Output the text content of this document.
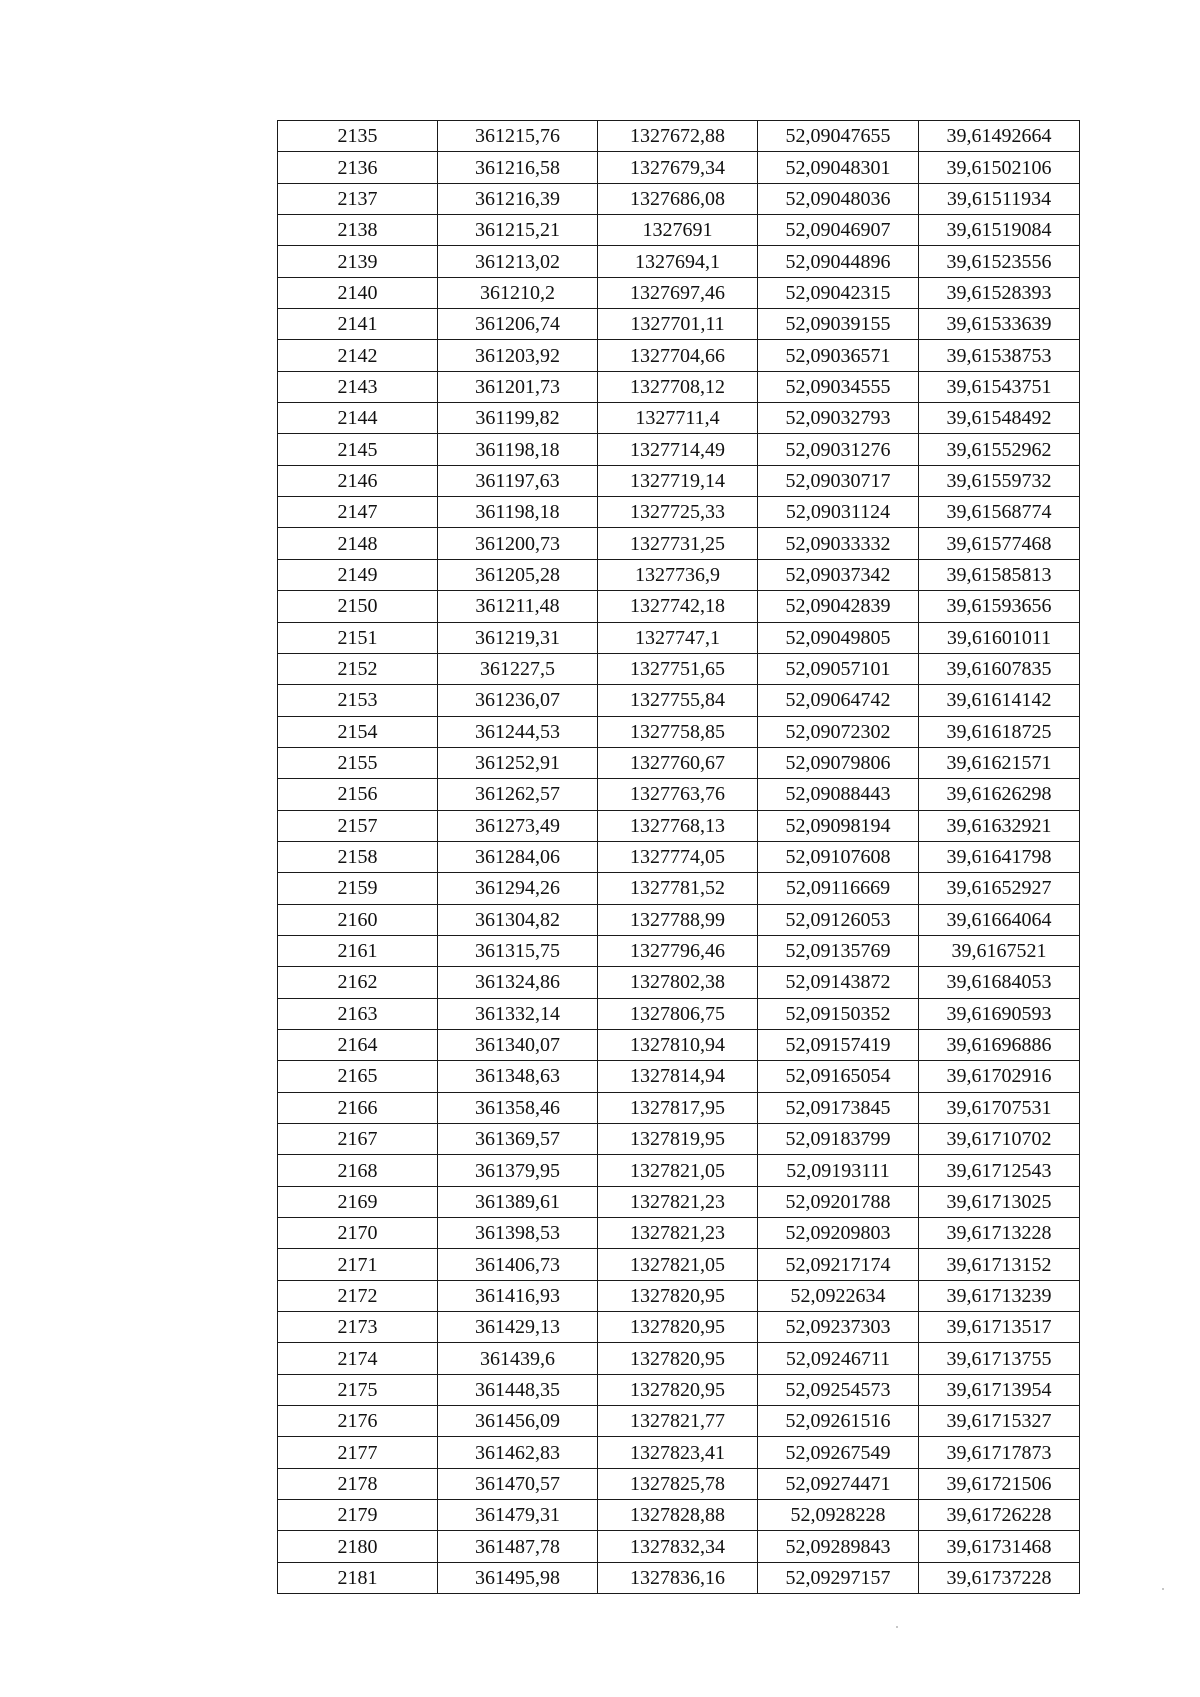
2135	361215,76	1327672,88	52,09047655	39,61492664
2136	361216,58	1327679,34	52,09048301	39,61502106
2137	361216,39	1327686,08	52,09048036	39,61511934
2138	361215,21	1327691	52,09046907	39,61519084
2139	361213,02	1327694,1	52,09044896	39,61523556
2140	361210,2	1327697,46	52,09042315	39,61528393
2141	361206,74	1327701,11	52,09039155	39,61533639
2142	361203,92	1327704,66	52,09036571	39,61538753
2143	361201,73	1327708,12	52,09034555	39,61543751
2144	361199,82	1327711,4	52,09032793	39,61548492
2145	361198,18	1327714,49	52,09031276	39,61552962
2146	361197,63	1327719,14	52,09030717	39,61559732
2147	361198,18	1327725,33	52,09031124	39,61568774
2148	361200,73	1327731,25	52,09033332	39,61577468
2149	361205,28	1327736,9	52,09037342	39,61585813
2150	361211,48	1327742,18	52,09042839	39,61593656
2151	361219,31	1327747,1	52,09049805	39,61601011
2152	361227,5	1327751,65	52,09057101	39,61607835
2153	361236,07	1327755,84	52,09064742	39,61614142
2154	361244,53	1327758,85	52,09072302	39,61618725
2155	361252,91	1327760,67	52,09079806	39,61621571
2156	361262,57	1327763,76	52,09088443	39,61626298
2157	361273,49	1327768,13	52,09098194	39,61632921
2158	361284,06	1327774,05	52,09107608	39,61641798
2159	361294,26	1327781,52	52,09116669	39,61652927
2160	361304,82	1327788,99	52,09126053	39,61664064
2161	361315,75	1327796,46	52,09135769	39,6167521
2162	361324,86	1327802,38	52,09143872	39,61684053
2163	361332,14	1327806,75	52,09150352	39,61690593
2164	361340,07	1327810,94	52,09157419	39,61696886
2165	361348,63	1327814,94	52,09165054	39,61702916
2166	361358,46	1327817,95	52,09173845	39,61707531
2167	361369,57	1327819,95	52,09183799	39,61710702
2168	361379,95	1327821,05	52,09193111	39,61712543
2169	361389,61	1327821,23	52,09201788	39,61713025
2170	361398,53	1327821,23	52,09209803	39,61713228
2171	361406,73	1327821,05	52,09217174	39,61713152
2172	361416,93	1327820,95	52,0922634	39,61713239
2173	361429,13	1327820,95	52,09237303	39,61713517
2174	361439,6	1327820,95	52,09246711	39,61713755
2175	361448,35	1327820,95	52,09254573	39,61713954
2176	361456,09	1327821,77	52,09261516	39,61715327
2177	361462,83	1327823,41	52,09267549	39,61717873
2178	361470,57	1327825,78	52,09274471	39,61721506
2179	361479,31	1327828,88	52,0928228	39,61726228
2180	361487,78	1327832,34	52,09289843	39,61731468
2181	361495,98	1327836,16	52,09297157	39,61737228
